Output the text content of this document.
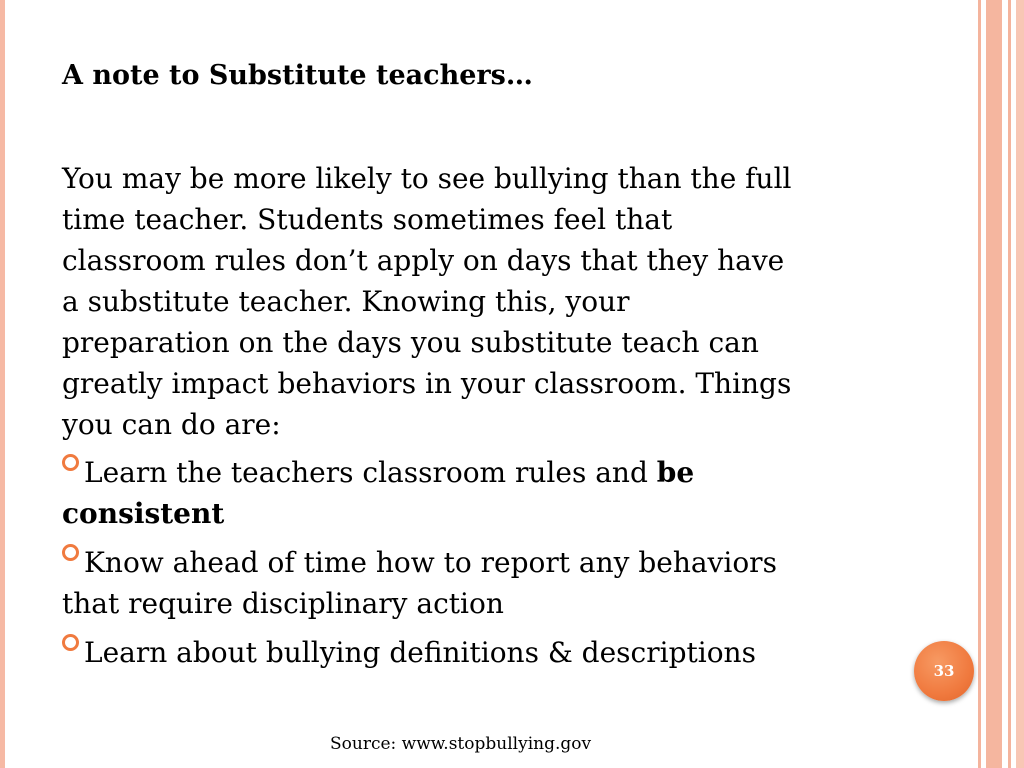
A note to Substitute teachers…

You may be more likely to see bullying than the full
time teacher. Students sometimes feel that
classroom rules don’t apply on days that they have
a substitute teacher. Knowing this, your
preparation on the days you substitute teach can
greatly impact behaviors in your classroom. Things
you can do are:

Learn the teachers classroom rules and be
consistent
Know ahead of time how to report any behaviors
that require disciplinary action
Learn about bullying definitions & descriptions
33
Source: www.stopbullying.gov
